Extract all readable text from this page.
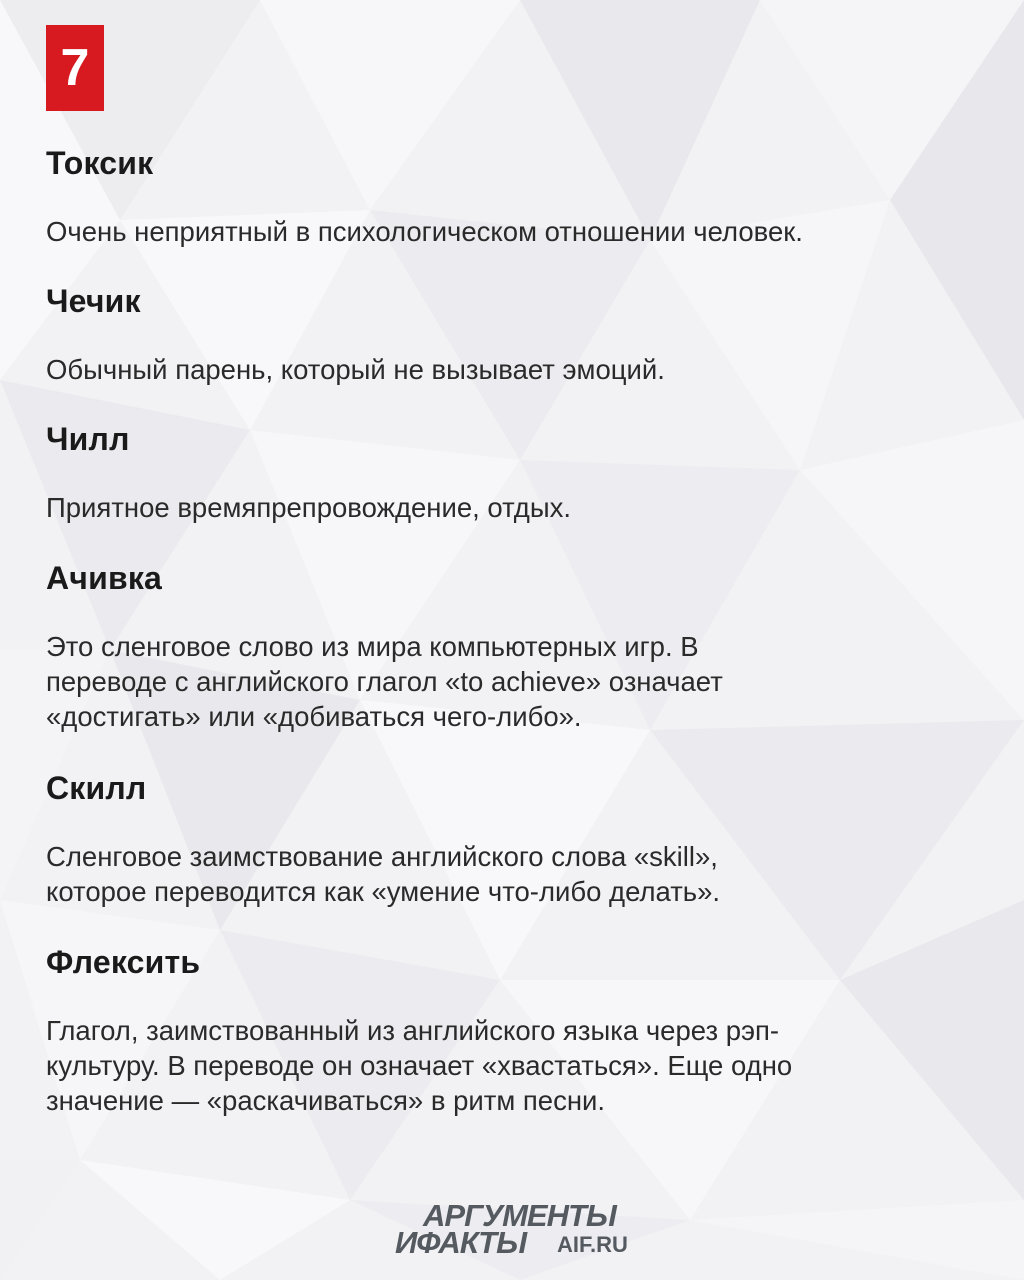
7
Токсик
Очень неприятный в психологическом отношении человек.
Чечик
Обычный парень, который не вызывает эмоций.
Чилл
Приятное времяпрепровождение, отдых.
Ачивка
Это сленговое слово из мира компьютерных игр. В
переводе с английского глагол «to achieve» означает
«достигать» или «добиваться чего-либо».
Скилл
Сленговое заимствование английского слова «skill»,
которое переводится как «умение что-либо делать».
Флексить
Глагол, заимствованный из английского языка через рэп-
культуру. В переводе он означает «хвастаться». Еще одно
значение — «раскачиваться» в ритм песни.
АРГУМЕНТЫ
ИФАКТЫ AIF.RU
